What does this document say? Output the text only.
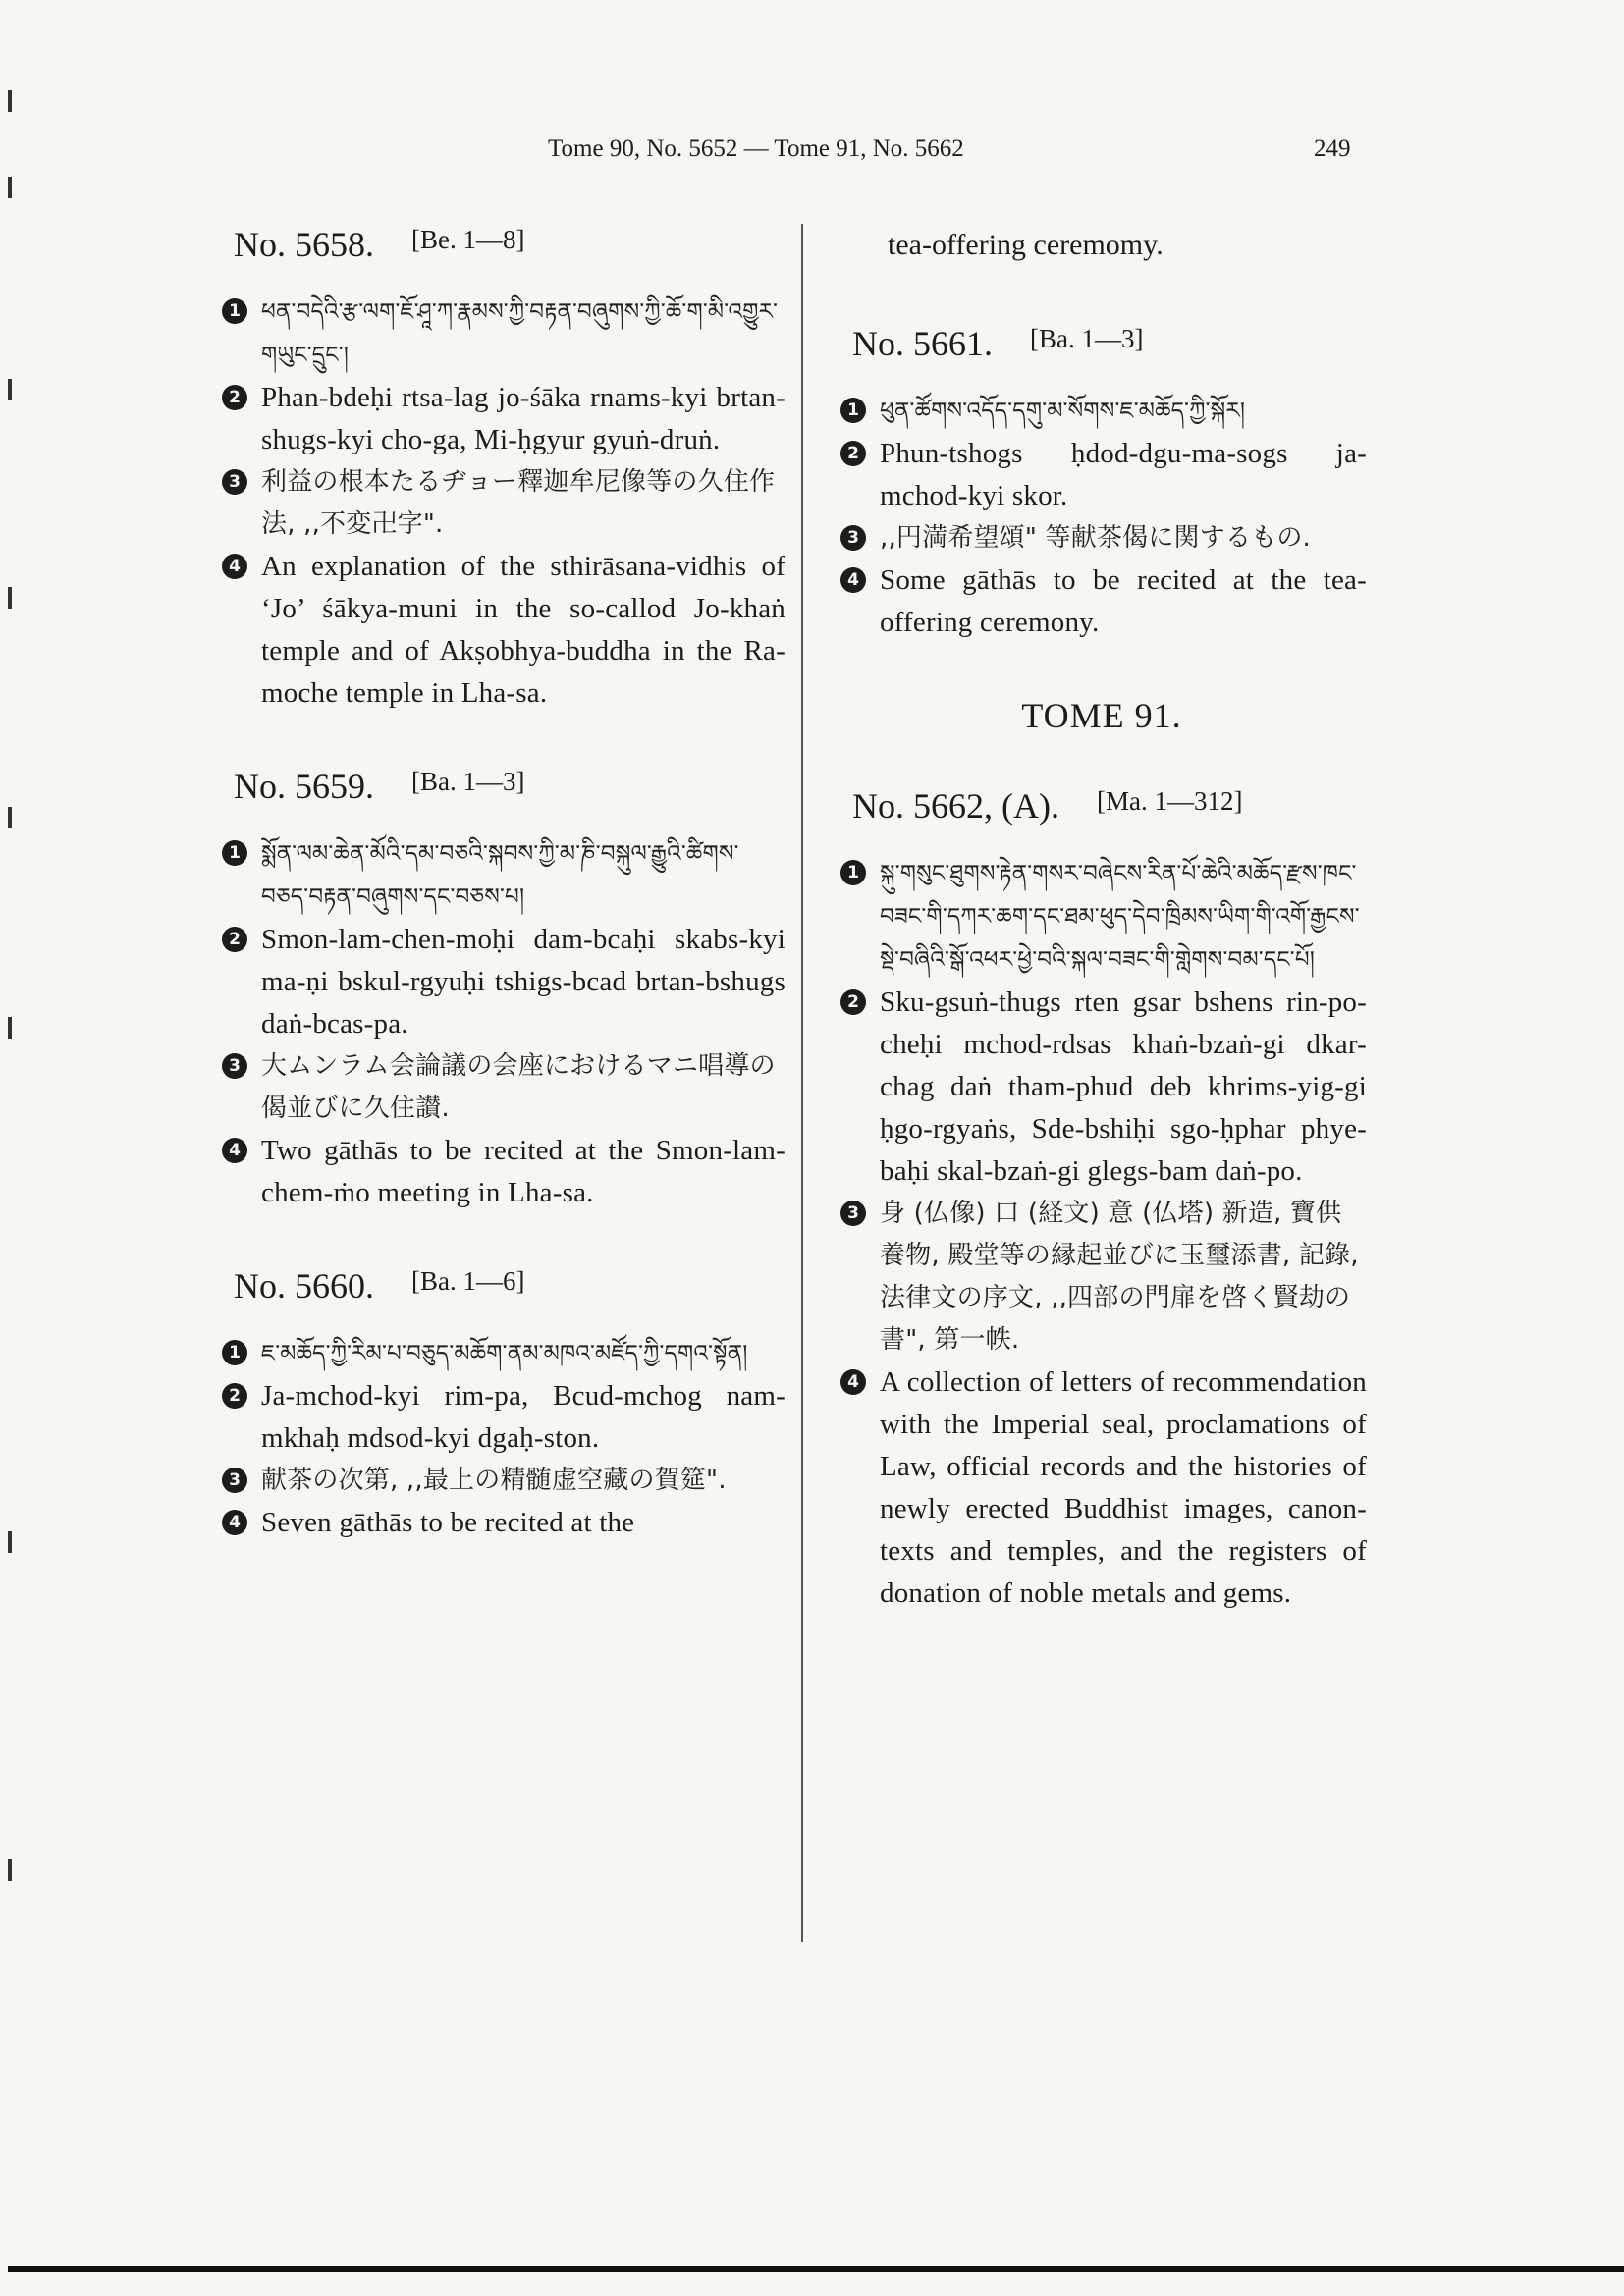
Tome 90, No. 5652 — Tome 91, No. 5662	249
No. 5658. [Be. 1—8]
1 ཕན་བདེའི་རྩ་ལག་ཇོ་ཤཱ་ཀ་རྣམས་ཀྱི་བརྟན་བཞུགས་ཀྱི་ཆོ་ག་མི་འགྱུར་གཡུང་དྲུང་།
2 Phan-bdeḥi rtsa-lag jo-śāka rnams-kyi brtan-shugs-kyi cho-ga, Mi-ḥgyur gyuṅ-druṅ.
3 利益の根本たるヂョー釋迦牟尼像等の久住作法, ,,不変卍字".
4 An explanation of the sthirāsana-vidhis of ‘Jo’ śākya-muni in the so-callod Jo-khaṅ temple and of Akṣobhya-buddha in the Ra-moche temple in Lha-sa.
No. 5659. [Ba. 1—3]
1 སྨོན་ལམ་ཆེན་མོའི་དམ་བཅའི་སྐབས་ཀྱི་མ་ཎི་བསྐུལ་རྒྱུའི་ཚིགས་བཅད་བརྟན་བཞུགས་དང་བཅས་པ།
2 Smon-lam-chen-moḥi dam-bcaḥi skabs-kyi ma-ṇi bskul-rgyuḥi tshigs-bcad brtan-bshugs daṅ-bcas-pa.
3 大ムンラム会論議の会座におけるマニ唱導の偈並びに久住讃.
4 Two gāthās to be recited at the Smon-lam-chem-ṁo meeting in Lha-sa.
No. 5660. [Ba. 1—6]
1 ཇ་མཆོད་ཀྱི་རིམ་པ་བཅུད་མཆོག་ནམ་མཁའ་མཛོད་ཀྱི་དགའ་སྟོན།
2 Ja-mchod-kyi rim-pa, Bcud-mchog nam-mkhaḥ mdsod-kyi dgaḥ-ston.
3 献茶の次第, ,,最上の精髄虚空藏の賀筵".
4 Seven gāthās to be recited at the
tea-offering ceremomy.
No. 5661. [Ba. 1—3]
1 ཕུན་ཚོགས་འདོད་དགུ་མ་སོགས་ཇ་མཆོད་ཀྱི་སྐོར།
2 Phun-tshogs ḥdod-dgu-ma-sogs ja-mchod-kyi skor.
3 ,,円満希望頌" 等献茶偈に関するもの.
4 Some gāthās to be recited at the tea-offering ceremony.
TOME 91.
No. 5662, (A). [Ma. 1—312]
1 སྐུ་གསུང་ཐུགས་རྟེན་གསར་བཞེངས་རིན་པོ་ཆེའི་མཆོད་རྫས་ཁང་བཟང་གི་དཀར་ཆག་དང་ཐམ་ཕུད་དེབ་ཁྲིམས་ཡིག་གི་འགོ་རྒྱངས་སྡེ་བཞིའི་སྒོ་འཕར་ཕྱེ་བའི་སྐལ་བཟང་གི་གླེགས་བམ་དང་པོ།
2 Sku-gsuṅ-thugs rten gsar bshens rin-po-cheḥi mchod-rdsas khaṅ-bzaṅ-gi dkar-chag daṅ tham-phud deb khrims-yig-gi ḥgo-rgyaṅs, Sde-bshiḥi sgo-ḥphar phye-baḥi skal-bzaṅ-gi glegs-bam daṅ-po.
3 身 (仏像) 口 (経文) 意 (仏塔) 新造, 寶供養物, 殿堂等の縁起並びに玉璽添書, 記錄, 法律文の序文, ,,四部の門扉を啓く賢劫の書", 第一帙.
4 A collection of letters of recommendation with the Imperial seal, proclamations of Law, official records and the histories of newly erected Buddhist images, canon-texts and temples, and the registers of donation of noble metals and gems.
